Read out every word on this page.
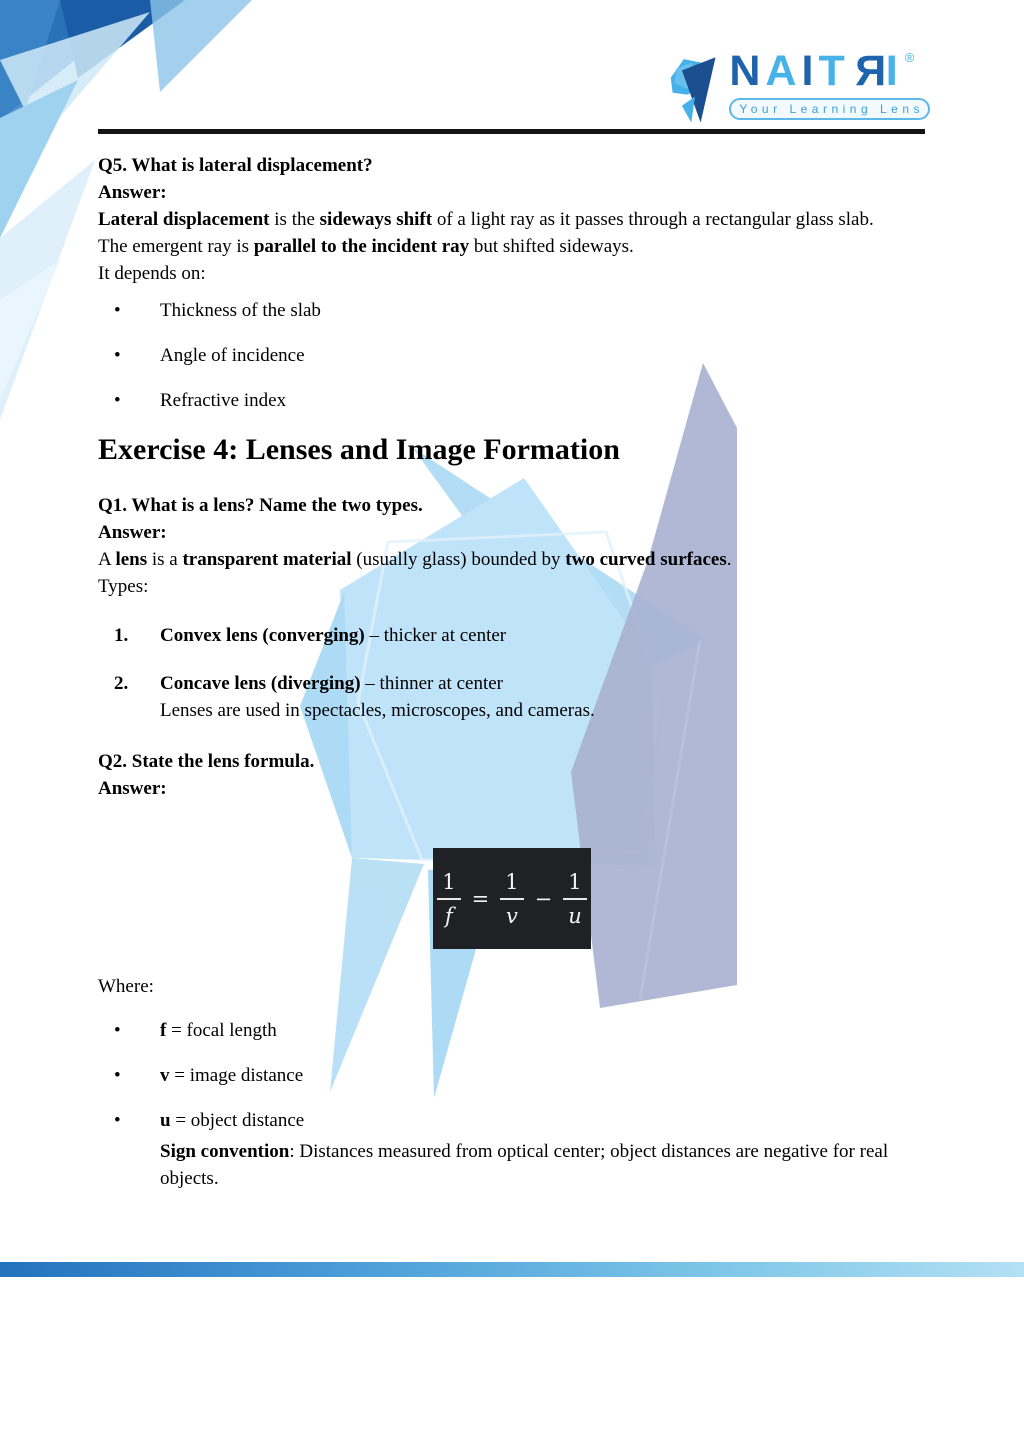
NAITRI ®
Your Learning Lens

Q5. What is lateral displacement?

Answer:

Lateral displacement is the sideways shift of a light ray as it passes through a rectangular glass slab.

The emergent ray is parallel to the incident ray but shifted sideways.

It depends on:

•	Thickness of the slab
•	Angle of incidence
•	Refractive index
Exercise 4: Lenses and Image Formation

Q1. What is a lens? Name the two types.

Answer:

A lens is a transparent material (usually glass) bounded by two curved surfaces.

Types:

1.	Convex lens (converging) – thicker at center
2.	Concave lens (diverging) – thinner at center
Lenses are used in spectacles, microscopes, and cameras.

Q2. State the lens formula.

Answer:

$\frac{1}{f} = \frac{1}{v} - \frac{1}{u}$

Where:

•	f = focal length
•	v = image distance
•	u = object distance

Sign convention: Distances measured from optical center; object distances are negative for real objects.
